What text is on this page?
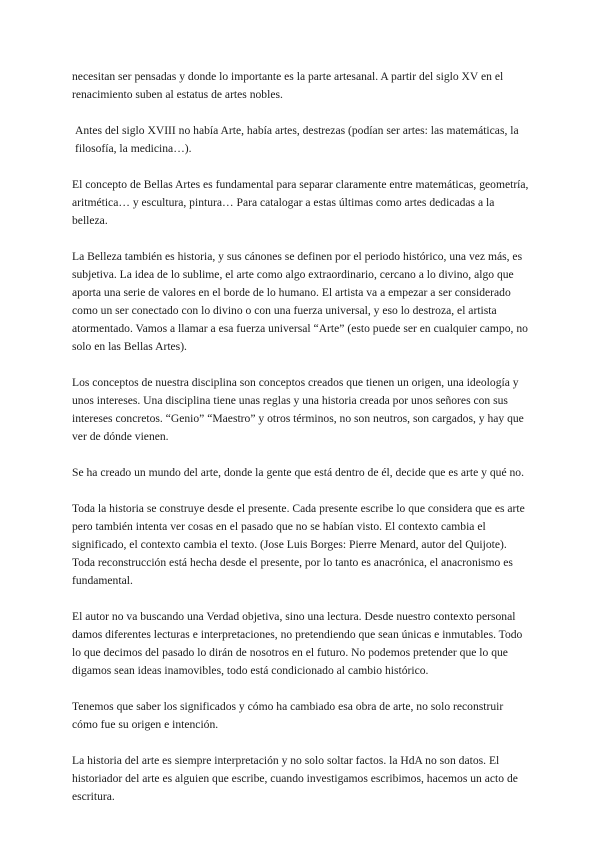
necesitan ser pensadas y donde lo importante es la parte artesanal. A partir del siglo XV en el renacimiento suben al estatus de artes nobles.

Antes del siglo XVIII no había Arte, había artes, destrezas (podían ser artes: las matemáticas, la filosofía, la medicina…).

El concepto de Bellas Artes es fundamental para separar claramente entre matemáticas, geometría, aritmética… y escultura, pintura… Para catalogar a estas últimas como artes dedicadas a la belleza.

La Belleza también es historia, y sus cánones se definen por el periodo histórico, una vez más, es subjetiva. La idea de lo sublime, el arte como algo extraordinario, cercano a lo divino, algo que aporta una serie de valores en el borde de lo humano. El artista va a empezar a ser considerado como un ser conectado con lo divino o con una fuerza universal, y eso lo destroza, el artista atormentado. Vamos a llamar a esa fuerza universal “Arte” (esto puede ser en cualquier campo, no solo en las Bellas Artes).

Los conceptos de nuestra disciplina son conceptos creados que tienen un origen, una ideología y unos intereses. Una disciplina tiene unas reglas y una historia creada por unos señores con sus intereses concretos. “Genio” “Maestro” y otros términos, no son neutros, son cargados, y hay que ver de dónde vienen.

Se ha creado un mundo del arte, donde la gente que está dentro de él, decide que es arte y qué no.

Toda la historia se construye desde el presente. Cada presente escribe lo que considera que es arte pero también intenta ver cosas en el pasado que no se habían visto. El contexto cambia el significado, el contexto cambia el texto. (Jose Luis Borges: Pierre Menard, autor del Quijote). Toda reconstrucción está hecha desde el presente, por lo tanto es anacrónica, el anacronismo es fundamental.

El autor no va buscando una Verdad objetiva, sino una lectura. Desde nuestro contexto personal damos diferentes lecturas e interpretaciones, no pretendiendo que sean únicas e inmutables. Todo lo que decimos del pasado lo dirán de nosotros en el futuro. No podemos pretender que lo que digamos sean ideas inamovibles, todo está condicionado al cambio histórico.

Tenemos que saber los significados y cómo ha cambiado esa obra de arte, no solo reconstruir cómo fue su origen e intención.

La historia del arte es siempre interpretación y no solo soltar factos. la HdA no son datos. El historiador del arte es alguien que escribe, cuando investigamos escribimos, hacemos un acto de escritura.
